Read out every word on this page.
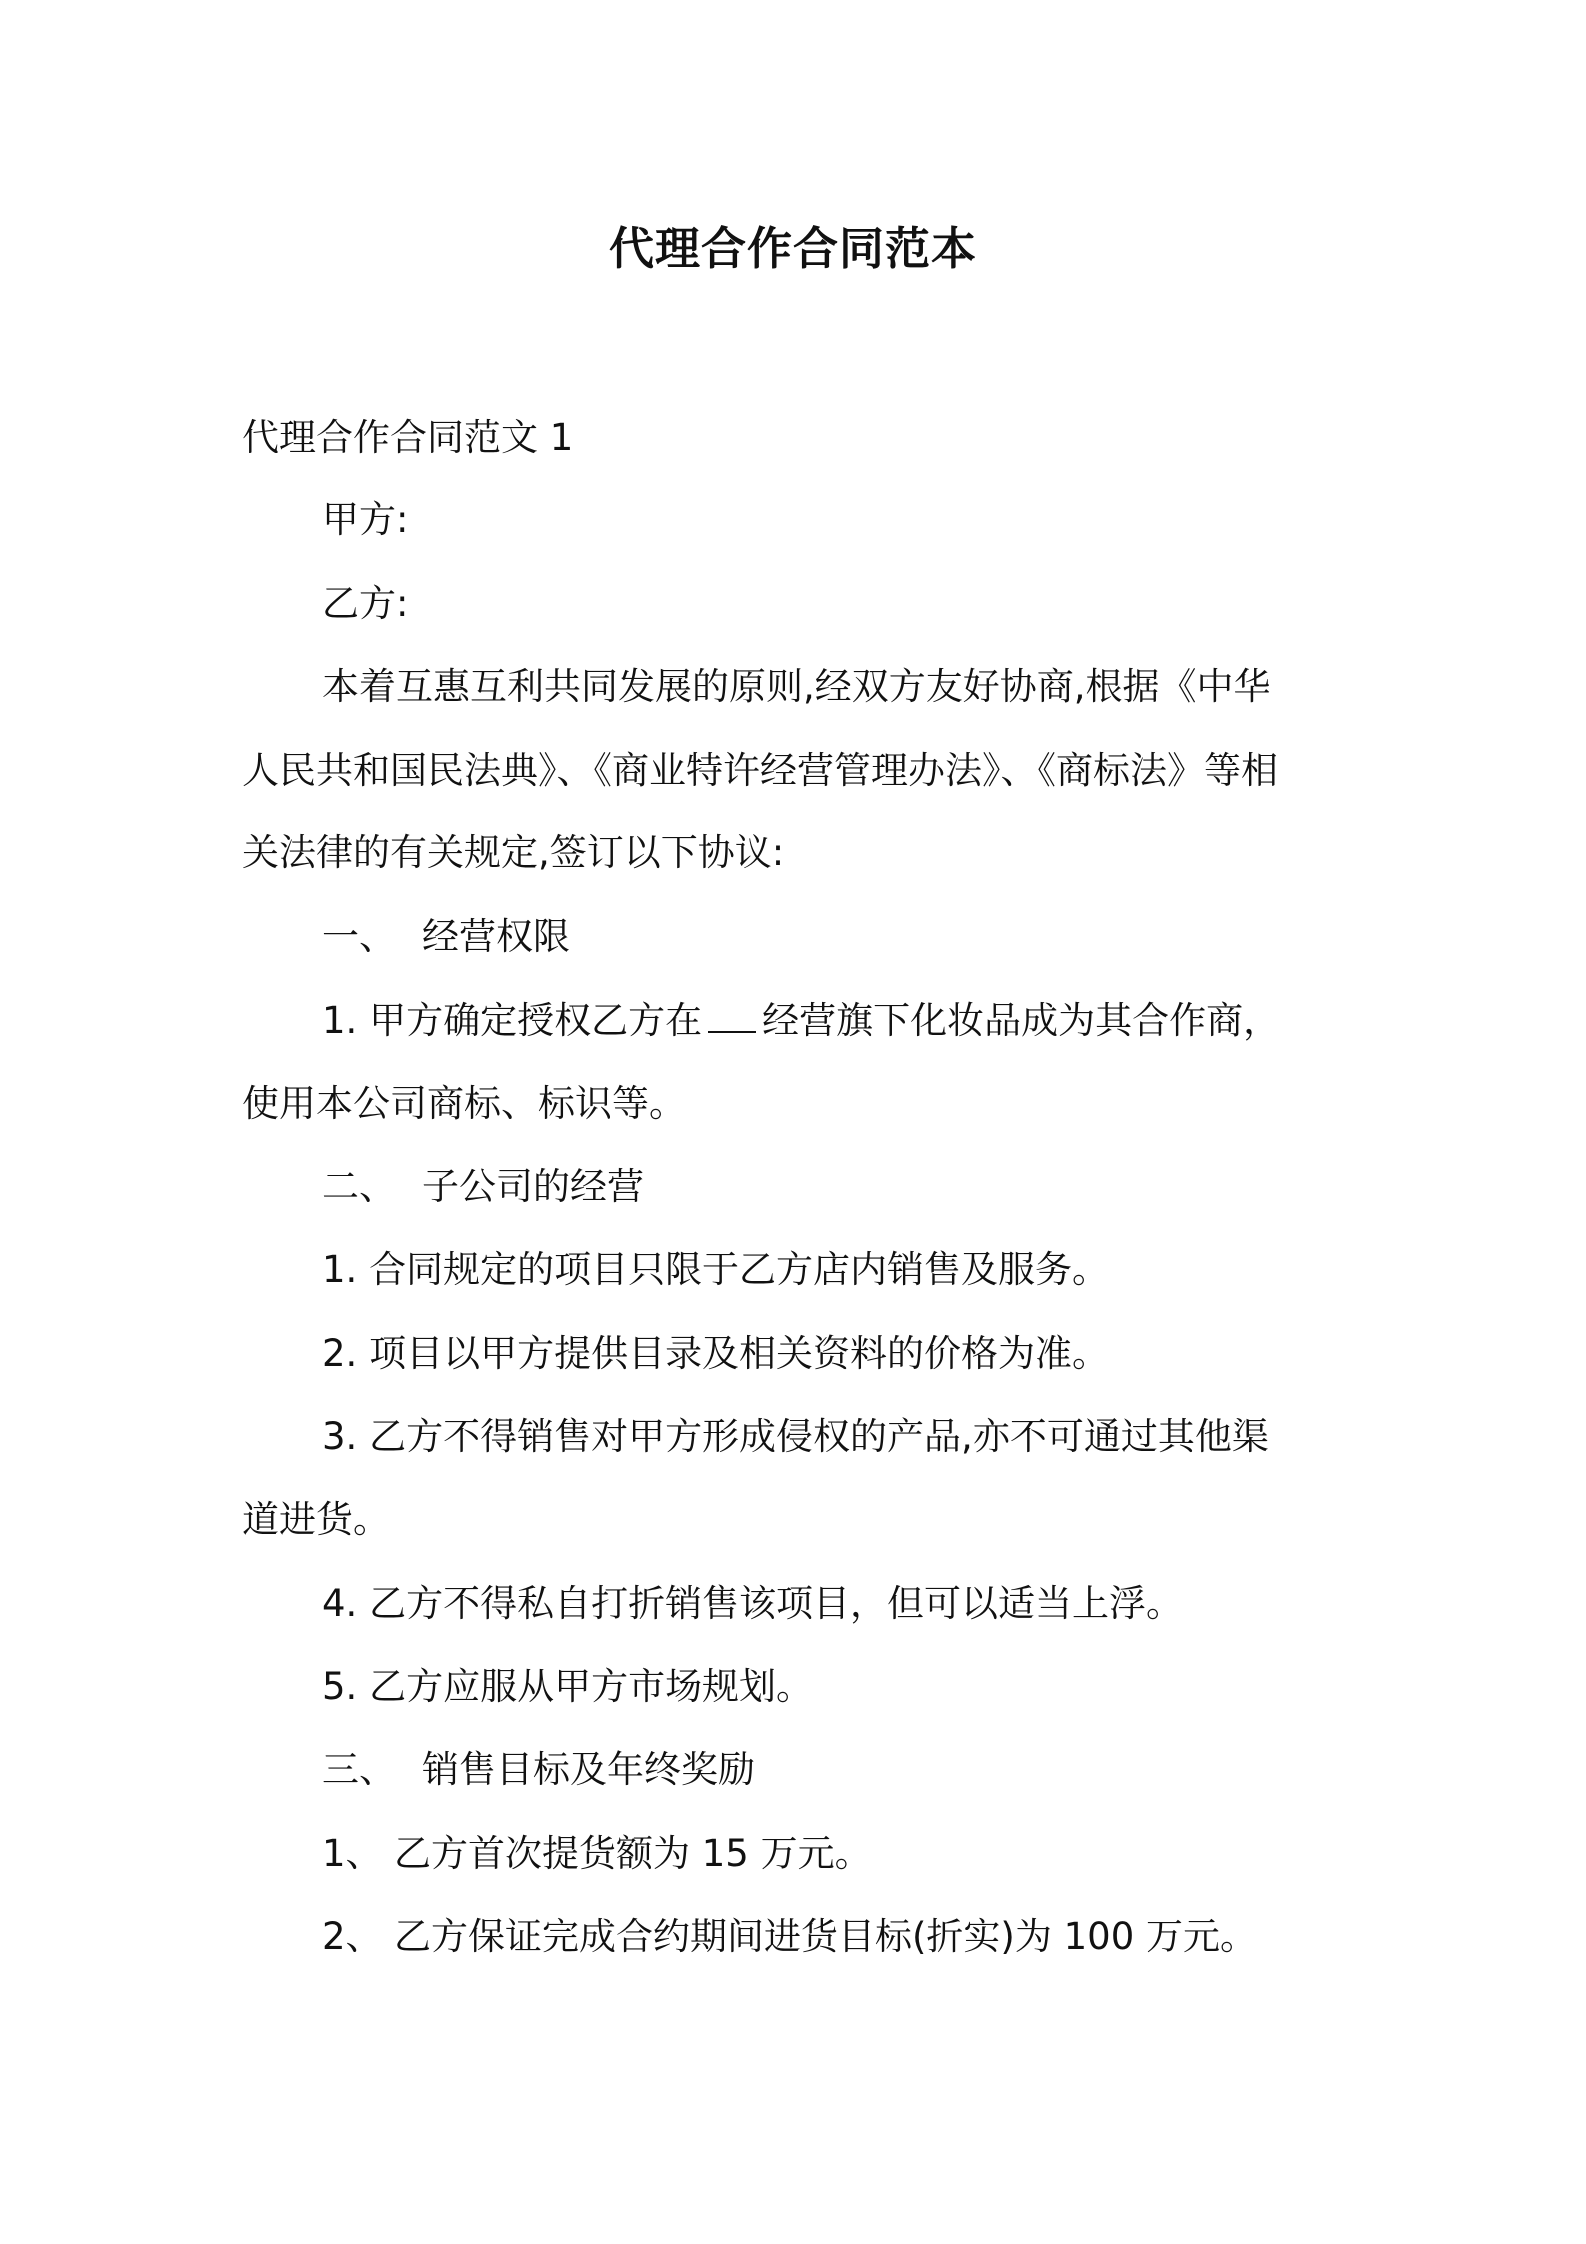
代理合作合同范本
代理合作合同范文 1
甲方:
乙方:
本着互惠互利共同发展的原则,经双方友好协商,根据《中华
人民共和国民法典》、《商业特许经营管理办法》、《商标法》等相
关法律的有关规定,签订以下协议:
一、 经营权限
1. 甲方确定授权乙方在 经营旗下化妆品成为其合作商，
使用本公司商标、标识等。
二、 子公司的经营
1. 合同规定的项目只限于乙方店内销售及服务。
2. 项目以甲方提供目录及相关资料的价格为准。
3. 乙方不得销售对甲方形成侵权的产品,亦不可通过其他渠
道进货。
4. 乙方不得私自打折销售该项目，但可以适当上浮。
5. 乙方应服从甲方市场规划。
三、 销售目标及年终奖励
1、 乙方首次提货额为 15 万元。
2、 乙方保证完成合约期间进货目标(折实)为 100 万元。
